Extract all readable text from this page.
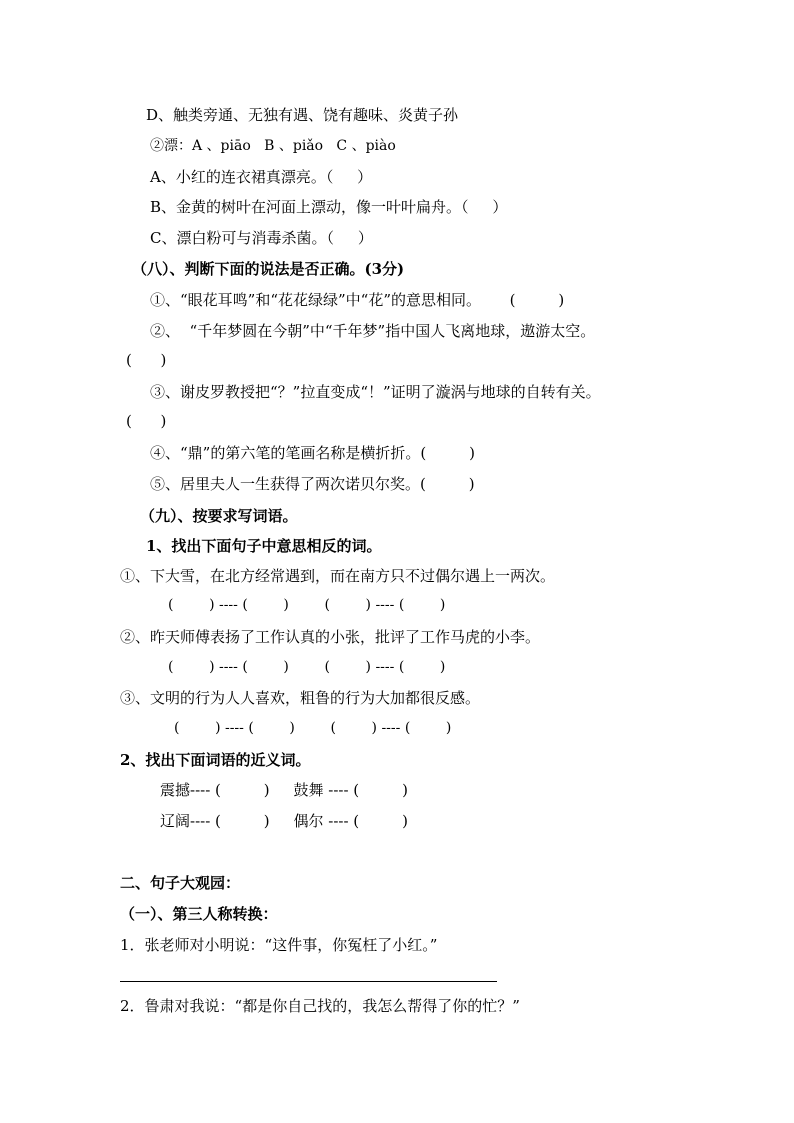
D、触类旁通、无独有遇、饶有趣味、炎黄子孙
②漂：A 、piāo   B 、piǎo   C 、piào
A、小红的连衣裙真漂亮。（     ）
B、金黄的树叶在河面上漂动，像一叶叶扁舟。（     ）
C、漂白粉可与消毒杀菌。（     ）
（八）、判断下面的说法是否正确。(3分)
①、“眼花耳鸣”和“花花绿绿”中“花”的意思相同。      (         )
②、  “千年梦圆在今朝”中“千年梦”指中国人飞离地球，遨游太空。
(      )
③、谢皮罗教授把“？”拉直变成“！”证明了漩涡与地球的自转有关。
(      )
④、“鼎”的第六笔的笔画名称是横折折。(         )
⑤、居里夫人一生获得了两次诺贝尔奖。(         )
（九）、按要求写词语。
1、找出下面句子中意思相反的词。
①、下大雪，在北方经常遇到，而在南方只不过偶尔遇上一两次。
(        ) ---- (        )        (        ) ---- (        )
②、昨天师傅表扬了工作认真的小张，批评了工作马虎的小李。
(        ) ---- (        )        (        ) ---- (        )
③、文明的行为人人喜欢，粗鲁的行为大加都很反感。
(        ) ---- (        )        (        ) ---- (        )
2、找出下面词语的近义词。
震撼---- (         )     鼓舞 ---- (         )
辽阔---- (         )     偶尔 ---- (         )
二、句子大观园：
（一）、第三人称转换：
1．张老师对小明说：“这件事，你冤枉了小红。”
2．鲁肃对我说：“都是你自己找的，我怎么帮得了你的忙？”
